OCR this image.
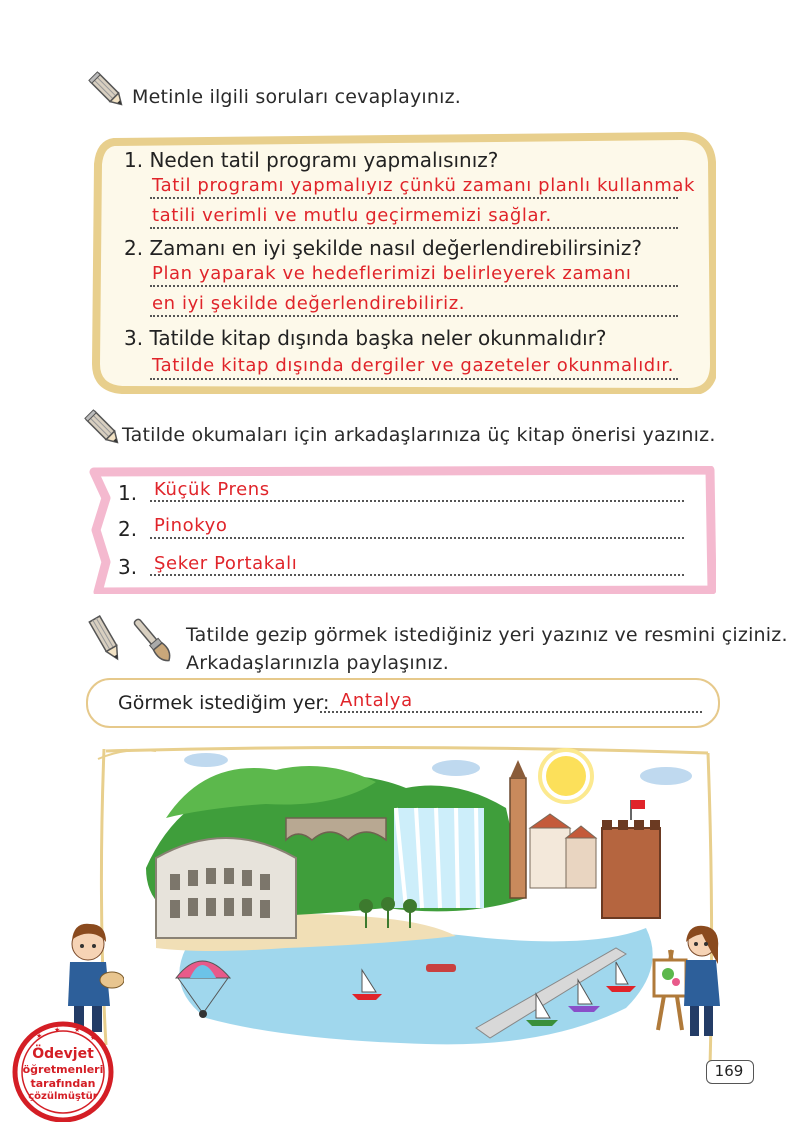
Metinle ilgili soruları cevaplayınız.
1. Neden tatil programı yapmalısınız?
Tatil programı yapmalıyız çünkü zamanı planlı kullanmak
tatili verimli ve mutlu geçirmemizi sağlar.
2. Zamanı en iyi şekilde nasıl değerlendirebilirsiniz?
Plan yaparak ve hedeflerimizi belirleyerek zamanı
en iyi şekilde değerlendirebiliriz.
3. Tatilde kitap dışında başka neler okunmalıdır?
Tatilde kitap dışında dergiler ve gazeteler okunmalıdır.
Tatilde okumaları için arkadaşlarınıza üç kitap önerisi yazınız.
1. Küçük Prens
2. Pinokyo
3. Şeker Portakalı
Tatilde gezip görmek istediğiniz yeri yazınız ve resmini çiziniz.
Arkadaşlarınızla paylaşınız.
Görmek istediğim yer: Antalya
★
★ ★
★
Ödevjet
öğretmenleri
tarafından
çözülmüştür
169
